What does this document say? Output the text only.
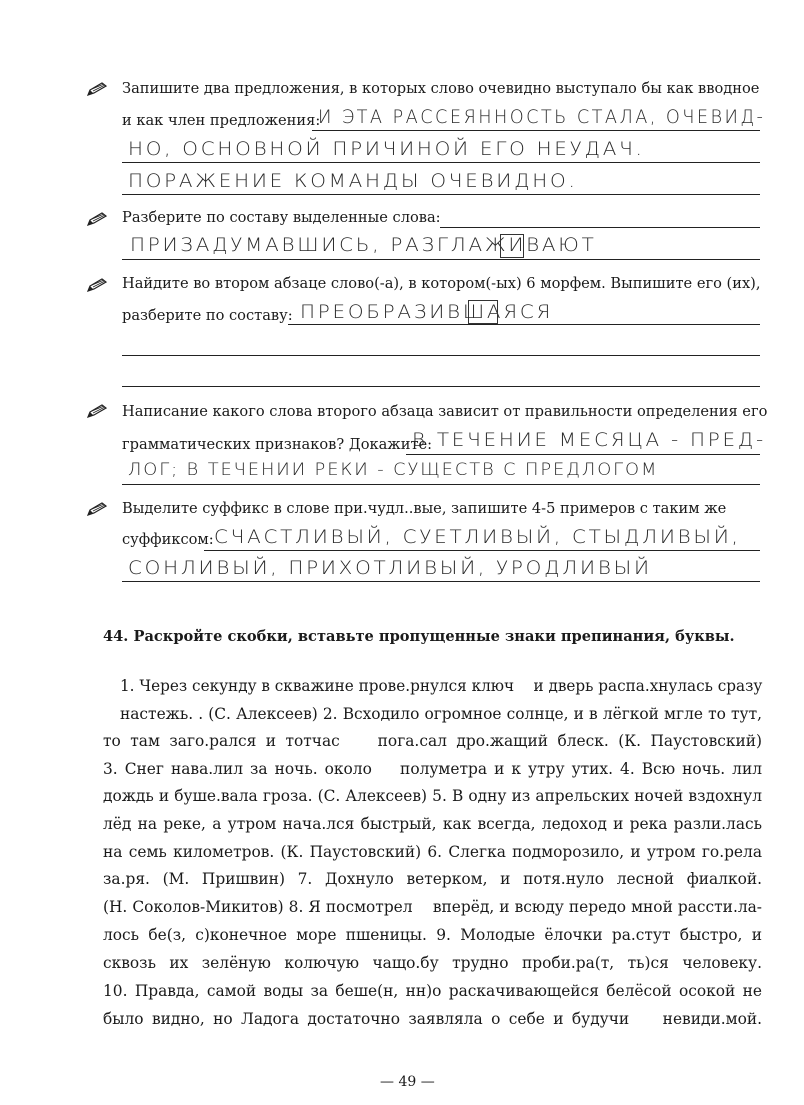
Запишите два предложения, в которых слово очевидно выступало бы как вводное
и как член предложения:
И ЭТА РАССЕЯННОСТЬ СТАЛА, ОЧЕВИД-
НО, ОСНОВНОЙ ПРИЧИНОЙ ЕГО НЕУДАЧ.
ПОРАЖЕНИЕ КОМАНДЫ ОЧЕВИДНО.
Разберите по составу выделенные слова:
ПРИЗАДУМАВШИСЬ, РАЗГЛАЖИВАЮТ
Найдите во втором абзаце слово(-а), в котором(-ых) 6 морфем. Выпишите его (их),
разберите по составу: ПРЕОБРАЗИВШАЯСЯ
Написание какого слова второго абзаца зависит от правильности определения его
грамматических признаков? Докажите:
В ТЕЧЕНИЕ МЕСЯЦА - ПРЕД-
ЛОГ; В ТЕЧЕНИИ РЕКИ - СУЩЕСТВ С ПРЕДЛОГОМ
Выделите суффикс в слове при.чудл..вые, запишите 4-5 примеров с таким же
суффиксом: СЧАСТЛИВЫЙ, СУЕТЛИВЫЙ, СТЫДЛИВЫЙ,
СОНЛИВЫЙ, ПРИХОТЛИВЫЙ, УРОДЛИВЫЙ
44. Раскройте скобки, вставьте пропущенные знаки препинания, буквы.
1. Через секунду в скважине прове.рнулся ключ    и дверь распа.хнулась сразу
настежь. . (С. Алексеев) 2. Всходило огромное солнце, и в лёгкой мгле то тут,
то там заго.рался и тотчас    пога.сал дро.жащий блеск. (К. Паустовский)
3. Снег нава.лил за ночь. около    полуметра и к утру утих. 4. Всю ночь. лил
дождь и буше.вала гроза. (С. Алексеев) 5. В одну из апрельских ночей вздохнул
лёд на реке, а утром нача.лся быстрый, как всегда, ледоход и река разли.лась
на семь километров. (К. Паустовский) 6. Слегка подморозило, и утром го.рела
за.ря. (М. Пришвин) 7. Дохнуло ветерком, и потя.нуло лесной фиалкой.
(Н. Соколов-Микитов) 8. Я посмотрел    вперёд, и всюду передо мной рассти.ла-
лось бе(з, с)конечное море пшеницы. 9. Молодые ёлочки ра.стут быстро, и
сквозь их зелёную колючую чащо.бу трудно проби.ра(т, ть)ся человеку.
10. Правда, самой воды за беше(н, нн)о раскачивающейся белёсой осокой не
было видно, но Ладога достаточно заявляла о себе и будучи    невиди.мой.
— 49 —
